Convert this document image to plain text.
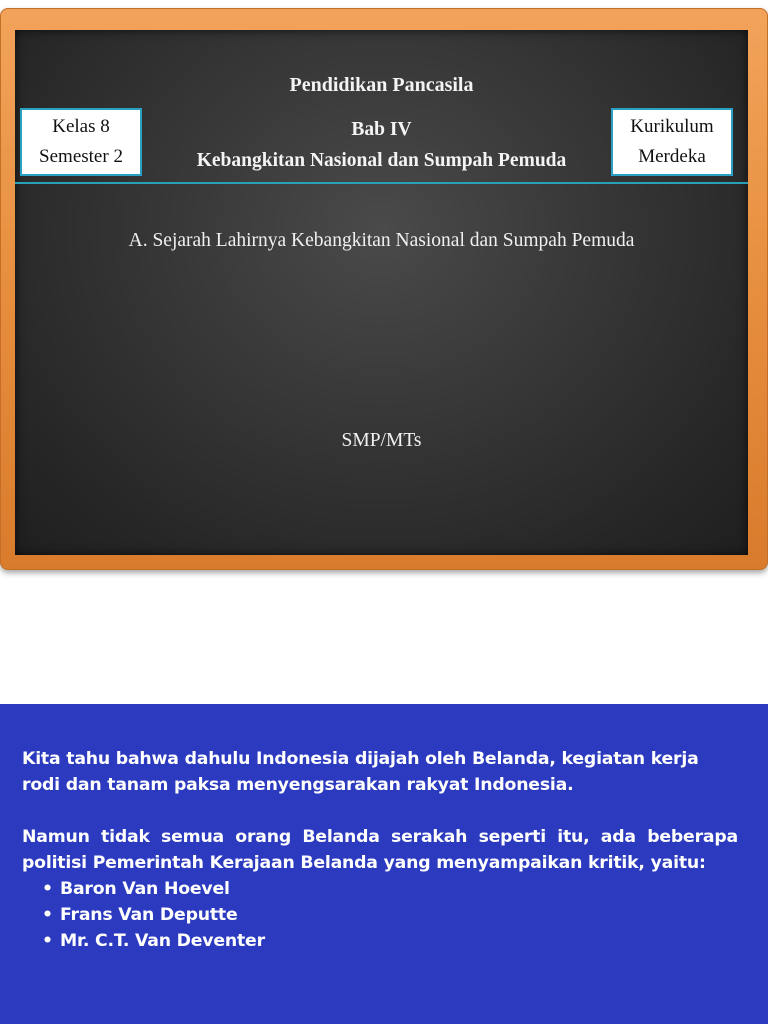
Pendidikan Pancasila
Kelas 8
Semester 2
Bab IV
Kebangkitan Nasional dan Sumpah Pemuda
Kurikulum
Merdeka
A. Sejarah Lahirnya Kebangkitan Nasional dan Sumpah Pemuda
SMP/MTs

Kita tahu bahwa dahulu Indonesia dijajah oleh Belanda, kegiatan kerja rodi dan tanam paksa menyengsarakan rakyat Indonesia.

Namun tidak semua orang Belanda serakah seperti itu, ada beberapa politisi Pemerintah Kerajaan Belanda yang menyampaikan kritik, yaitu:

• Baron Van Hoevel
• Frans Van Deputte
• Mr. C.T. Van Deventer
